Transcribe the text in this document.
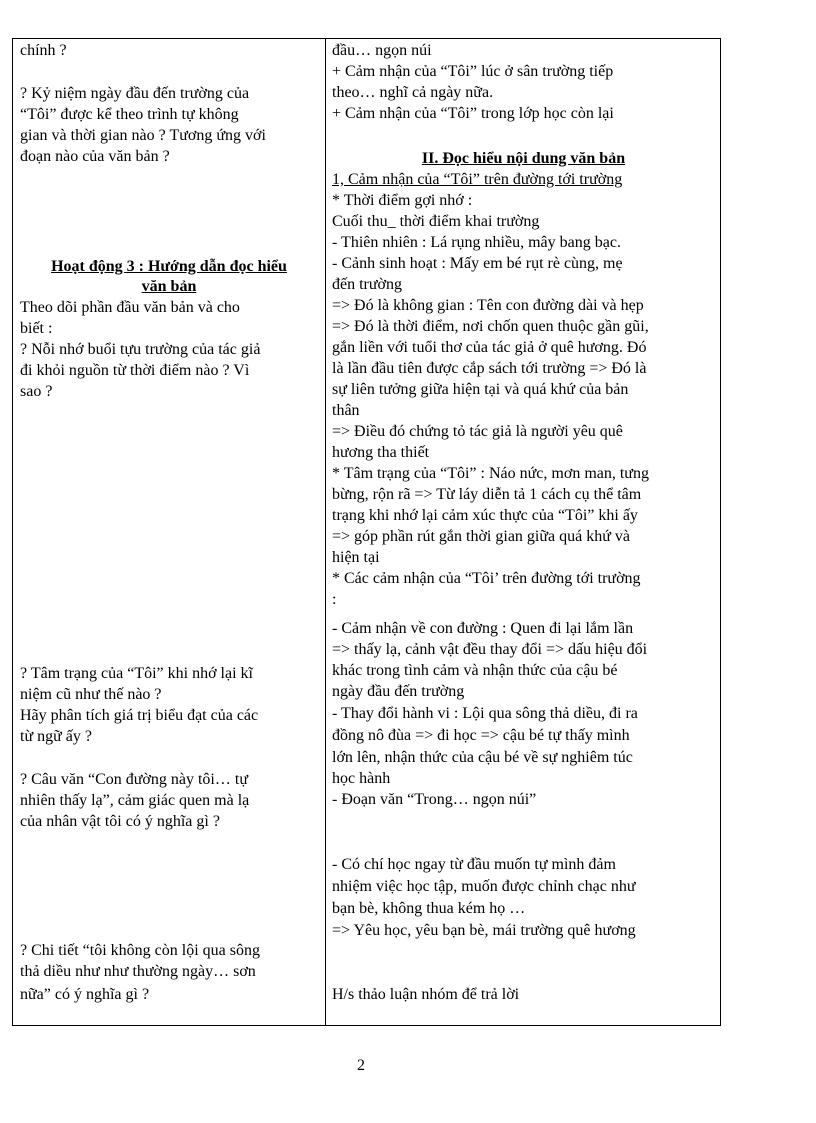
chính ?
? Kỷ niệm ngày đầu đến trường của
“Tôi” được kể theo trình tự không
gian và thời gian nào ? Tương ứng với
đoạn nào của văn bản ?
Hoạt động 3 : Hướng dẫn đọc hiểu
văn bản
Theo dõi phần đầu văn bản và cho
biết :
? Nỗi nhớ buổi tựu trường của tác giả
đi khỏi nguồn từ thời điểm nào ? Vì
sao ?
? Tâm trạng của “Tôi” khi nhớ lại kĩ
niệm cũ như thế nào ?
Hãy phân tích giá trị biểu đạt của các
từ ngữ ấy ?
? Câu văn “Con đường này tôi… tự
nhiên thấy lạ”, cảm giác quen mà lạ
của nhân vật tôi có ý nghĩa gì ?
? Chi tiết “tôi không còn lội qua sông
thả diều như như thường ngày… sơn
nữa” có ý nghĩa gì ?
đầu… ngọn núi
+ Cảm nhận của “Tôi” lúc ở sân trường tiếp
theo… nghĩ cả ngày nữa.
+ Cảm nhận của “Tôi” trong lớp học còn lại
II. Đọc hiểu nội dung văn bản
1, Cảm nhận của “Tôi” trên đường tới trường
* Thời điểm gợi nhớ :
Cuối thu_ thời điểm khai trường
- Thiên nhiên : Lá rụng nhiều, mây bang bạc.
- Cảnh sinh hoạt : Mấy em bé rụt rè cùng, mẹ
đến trường
=> Đó là không gian : Tên con đường dài và hẹp
=> Đó là thời điểm, nơi chốn quen thuộc gần gũi,
gắn liền với tuổi thơ của tác giả ở quê hương. Đó
là lần đầu tiên được cắp sách tới trường => Đó là
sự liên tưởng giữa hiện tại và quá khứ của bản
thân
=> Điều đó chứng tỏ tác giả là người yêu quê
hương tha thiết
* Tâm trạng của “Tôi” : Náo nức, mơn man, tưng
bừng, rộn rã => Từ láy diễn tả 1 cách cụ thể tâm
trạng khi nhớ lại cảm xúc thực của “Tôi” khi ấy
=> góp phần rút gắn thời gian giữa quá khứ và
hiện tại
* Các cảm nhận của “Tôi’ trên đường tới trường
:
- Cảm nhận về con đường : Quen đi lại lắm lần
=> thấy lạ, cảnh vật đều thay đổi => dấu hiệu đổi
khác trong tình cảm và nhận thức của cậu bé
ngày đầu đến trường
- Thay đổi hành vi : Lội qua sông thả diều, đi ra
đồng nô đùa => đi học => cậu bé tự thấy mình
lớn lên, nhận thức của cậu bé về sự nghiêm túc
học hành
- Đoạn văn “Trong… ngọn núi”
- Có chí học ngay từ đầu muốn tự mình đảm
nhiệm việc học tập, muốn được chỉnh chạc như
bạn bè, không thua kém họ …
=> Yêu học, yêu bạn bè, mái trường quê hương
H/s thảo luận nhóm để trả lời
2
